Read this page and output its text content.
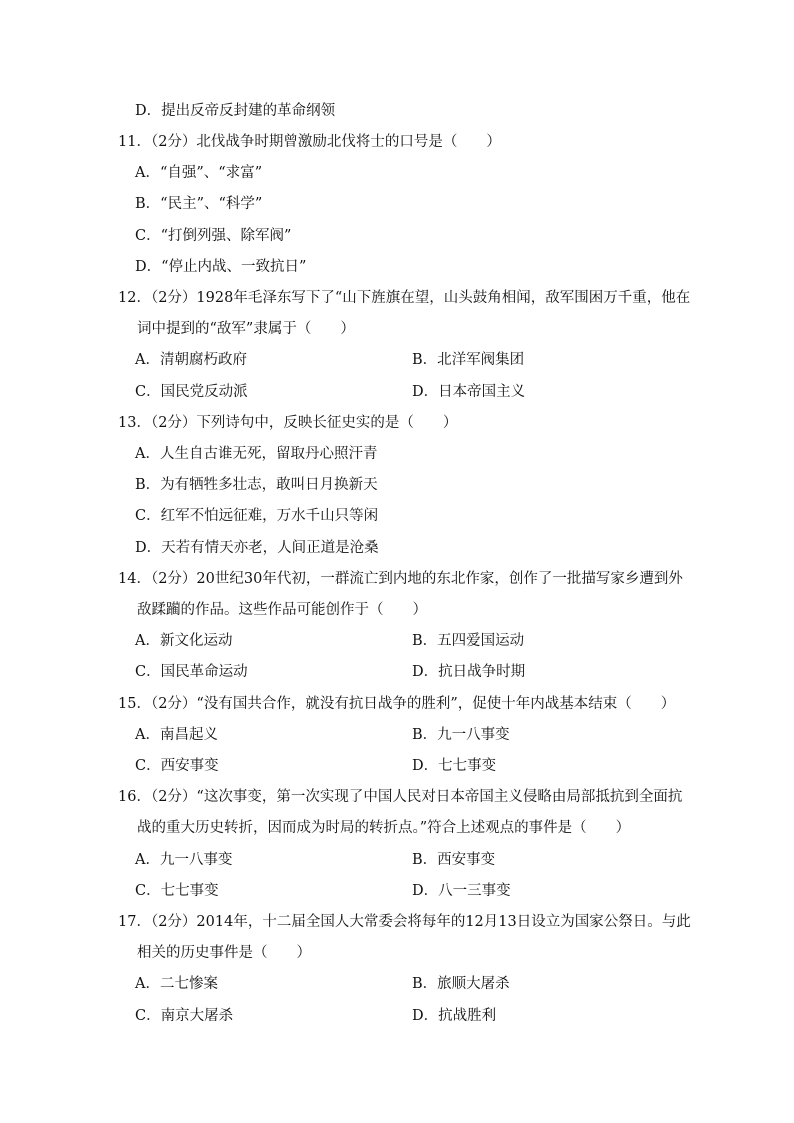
D．提出反帝反封建的革命纲领
11．（2分）北伐战争时期曾激励北伐将士的口号是（　　）
A．“自强”、“求富”
B．“民主”、“科学”
C．“打倒列强、除军阀”
D．“停止内战、一致抗日”
12．（2分）1928年毛泽东写下了“山下旌旗在望，山头鼓角相闻，敌军围困万千重，他在
词中提到的“敌军”隶属于（　　）
A．清朝腐朽政府	B．北洋军阀集团
C．国民党反动派	D．日本帝国主义
13．（2分）下列诗句中，反映长征史实的是（　　）
A．人生自古谁无死，留取丹心照汗青
B．为有牺牲多壮志，敢叫日月换新天
C．红军不怕远征难，万水千山只等闲
D．天若有情天亦老，人间正道是沧桑
14．（2分）20世纪30年代初，一群流亡到内地的东北作家，创作了一批描写家乡遭到外
敌蹂躏的作品。这些作品可能创作于（　　）
A．新文化运动	B．五四爱国运动
C．国民革命运动	D．抗日战争时期
15．（2分）“没有国共合作，就没有抗日战争的胜利”，促使十年内战基本结束（　　）
A．南昌起义	B．九一八事变
C．西安事变	D．七七事变
16．（2分）“这次事变，第一次实现了中国人民对日本帝国主义侵略由局部抵抗到全面抗
战的重大历史转折，因而成为时局的转折点。”符合上述观点的事件是（　　）
A．九一八事变	B．西安事变
C．七七事变	D．八一三事变
17．（2分）2014年，十二届全国人大常委会将每年的12月13日设立为国家公祭日。与此
相关的历史事件是（　　）
A．二七惨案	B．旅顺大屠杀
C．南京大屠杀	D．抗战胜利
